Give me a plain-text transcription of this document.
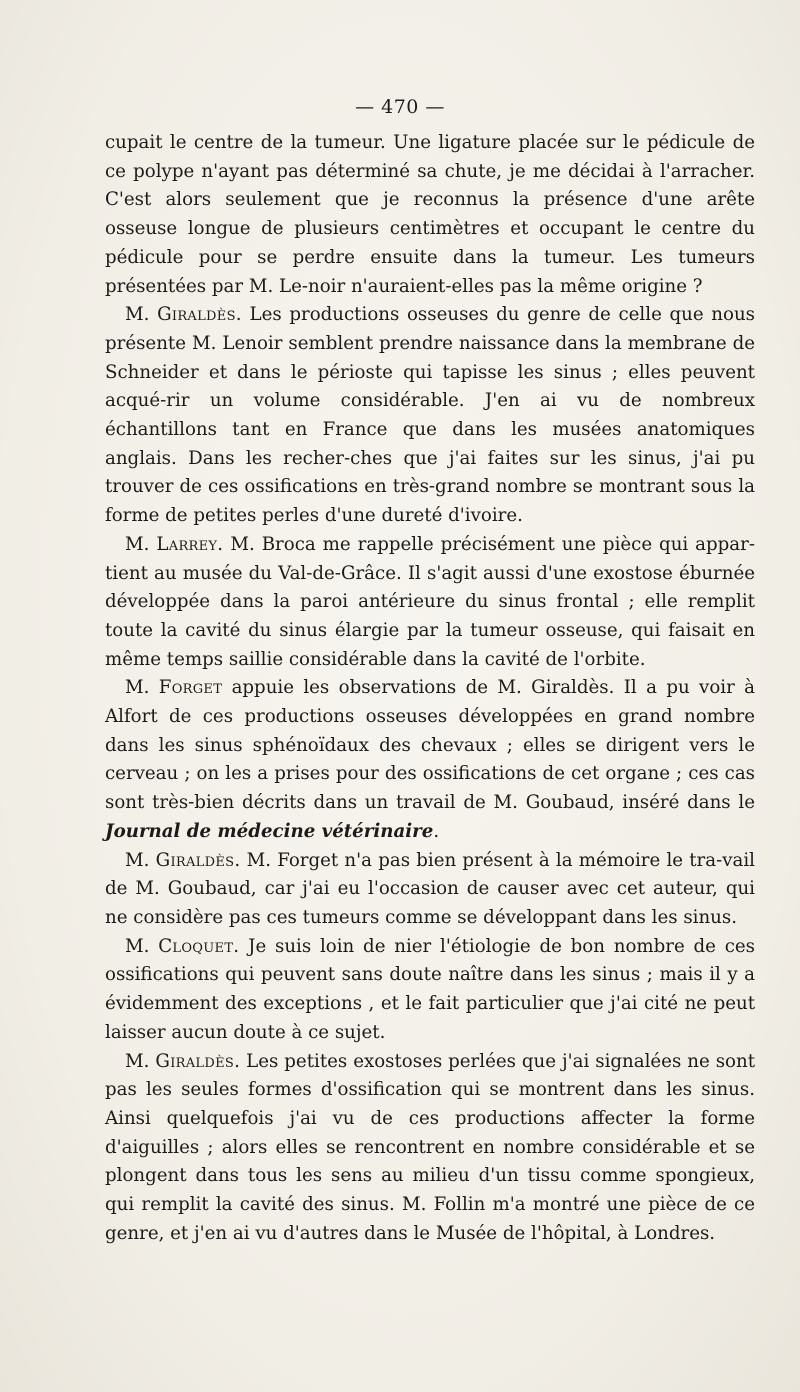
— 470 —

cupait le centre de la tumeur. Une ligature placée sur le pédicule de ce polype n'ayant pas déterminé sa chute, je me décidai à l'arracher. C'est alors seulement que je reconnus la présence d'une arête osseuse longue de plusieurs centimètres et occupant le centre du pédicule pour se perdre ensuite dans la tumeur. Les tumeurs présentées par M. Le-noir n'auraient-elles pas la même origine ?

M. Giraldès. Les productions osseuses du genre de celle que nous présente M. Lenoir semblent prendre naissance dans la membrane de Schneider et dans le périoste qui tapisse les sinus ; elles peuvent acqué-rir un volume considérable. J'en ai vu de nombreux échantillons tant en France que dans les musées anatomiques anglais. Dans les recher-ches que j'ai faites sur les sinus, j'ai pu trouver de ces ossifications en très-grand nombre se montrant sous la forme de petites perles d'une dureté d'ivoire.

M. Larrey. M. Broca me rappelle précisément une pièce qui appar-tient au musée du Val-de-Grâce. Il s'agit aussi d'une exostose éburnée développée dans la paroi antérieure du sinus frontal ; elle remplit toute la cavité du sinus élargie par la tumeur osseuse, qui faisait en même temps saillie considérable dans la cavité de l'orbite.

M. Forget appuie les observations de M. Giraldès. Il a pu voir à Alfort de ces productions osseuses développées en grand nombre dans les sinus sphénoïdaux des chevaux ; elles se dirigent vers le cerveau ; on les a prises pour des ossifications de cet organe ; ces cas sont très-bien décrits dans un travail de M. Goubaud, inséré dans le Journal de médecine vétérinaire.

M. Giraldès. M. Forget n'a pas bien présent à la mémoire le tra-vail de M. Goubaud, car j'ai eu l'occasion de causer avec cet auteur, qui ne considère pas ces tumeurs comme se développant dans les sinus.

M. Cloquet. Je suis loin de nier l'étiologie de bon nombre de ces ossifications qui peuvent sans doute naître dans les sinus ; mais il y a évidemment des exceptions , et le fait particulier que j'ai cité ne peut laisser aucun doute à ce sujet.

M. Giraldès. Les petites exostoses perlées que j'ai signalées ne sont pas les seules formes d'ossification qui se montrent dans les sinus. Ainsi quelquefois j'ai vu de ces productions affecter la forme d'aiguilles ; alors elles se rencontrent en nombre considérable et se plongent dans tous les sens au milieu d'un tissu comme spongieux, qui remplit la cavité des sinus. M. Follin m'a montré une pièce de ce genre, et j'en ai vu d'autres dans le Musée de l'hôpital, à Londres.
